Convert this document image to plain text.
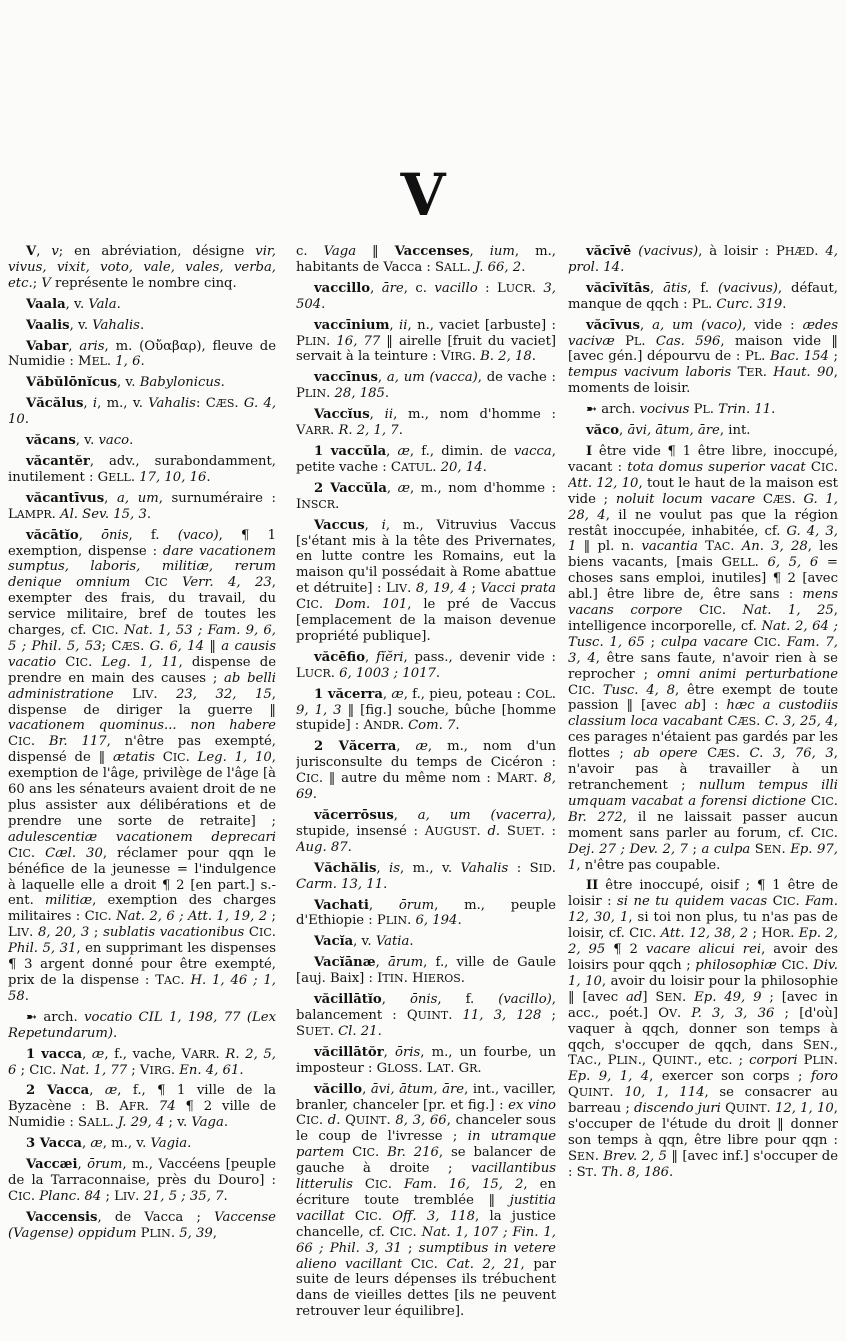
V

V, v; en abréviation, désigne vir, vivus, vixit, voto, vale, vales, verba, etc.; V représente le nombre cinq.

Vaala, v. Vala.

Vaalis, v. Vahalis.

Vabar, aris, m. (Οὔαβαρ), fleuve de Numidie : MEL. 1, 6.

Văbŭlōnĭcus, v. Babylonicus.

Văcălus, i, m., v. Vahalis: CÆS. G. 4, 10.

văcans, v. vaco.

văcantĕr, adv., surabondamment, inutilement : GELL. 17, 10, 16.

văcantīvus, a, um, surnuméraire : LAMPR. Al. Sev. 15, 3.

văcātĭo, ōnis, f. (vaco), ¶ 1 exemption, dispense : dare vacationem sumptus, laboris, militiæ, rerum denique omnium CIC Verr. 4, 23, exempter des frais, du travail, du service militaire, bref de toutes les charges, cf. CIC. Nat. 1, 53 ; Fam. 9, 6, 5 ; Phil. 5, 53; CÆS. G. 6, 14 ‖ a causis vacatio CIC. Leg. 1, 11, dispense de prendre en main des causes ; ab belli administratione LIV. 23, 32, 15, dispense de diriger la guerre ‖ vacationem quominus... non habere CIC. Br. 117, n'être pas exempté, dispensé de ‖ ætatis CIC. Leg. 1, 10, exemption de l'âge, privilège de l'âge [à 60 ans les sénateurs avaient droit de ne plus assister aux délibérations et de prendre une sorte de retraite] ; adulescentiæ vacationem deprecari CIC. Cæl. 30, réclamer pour qqn le bénéfice de la jeunesse = l'indulgence à laquelle elle a droit ¶ 2 [en part.] s.-ent. militiæ, exemption des charges militaires : CIC. Nat. 2, 6 ; Att. 1, 19, 2 ; LIV. 8, 20, 3 ; sublatis vacationibus CIC. Phil. 5, 31, en supprimant les dispenses ¶ 3 argent donné pour être exempté, prix de la dispense : TAC. H. 1, 46 ; 1, 58.

➼ arch. vocatio CIL 1, 198, 77 (Lex Repetundarum).

1 vacca, æ, f., vache, VARR. R. 2, 5, 6 ; CIC. Nat. 1, 77 ; VIRG. En. 4, 61.

2 Vacca, æ, f., ¶ 1 ville de la Byzacène : B. AFR. 74 ¶ 2 ville de Numidie : SALL. J. 29, 4 ; v. Vaga.

3 Vacca, æ, m., v. Vagia.

Vaccæi, ōrum, m., Vaccéens [peuple de la Tarraconnaise, près du Douro] : CIC. Planc. 84 ; LIV. 21, 5 ; 35, 7.

Vaccensis, de Vacca ; Vaccense (Vagense) oppidum PLIN. 5, 39,

c. Vaga ‖ Vaccenses, ium, m., habitants de Vacca : SALL. J. 66, 2.

vaccillo, āre, c. vacillo : LUCR. 3, 504.

vaccīnium, ii, n., vaciet [arbuste] : PLIN. 16, 77 ‖ airelle [fruit du vaciet] servait à la teinture : VIRG. B. 2, 18.

vaccīnus, a, um (vacca), de vache : PLIN. 28, 185.

Vaccĭus, ii, m., nom d'homme : VARR. R. 2, 1, 7.

1 vaccŭla, æ, f., dimin. de vacca, petite vache : CATUL. 20, 14.

2 Vaccŭla, æ, m., nom d'homme : INSCR.

Vaccus, i, m., Vitruvius Vaccus [s'étant mis à la tête des Privernates, en lutte contre les Romains, eut la maison qu'il possédait à Rome abattue et détruite] : LIV. 8, 19, 4 ; Vacci prata CIC. Dom. 101, le pré de Vaccus [emplacement de la maison devenue propriété publique].

văcēfio, fĭĕri, pass., devenir vide : LUCR. 6, 1003 ; 1017.

1 văcerra, æ, f., pieu, poteau : COL. 9, 1, 3 ‖ [fig.] souche, bûche [homme stupide] : ANDR. Com. 7.

2 Văcerra, æ, m., nom d'un jurisconsulte du temps de Cicéron : CIC. ‖ autre du même nom : MART. 8, 69.

văcerrōsus, a, um (vacerra), stupide, insensé : AUGUST. d. SUET. : Aug. 87.

Văchălis, is, m., v. Vahalis : SID. Carm. 13, 11.

Vachati, ōrum, m., peuple d'Ethiopie : PLIN. 6, 194.

Vacĭa, v. Vatia.

Vacĭānæ, ārum, f., ville de Gaule [auj. Baix] : ITIN. HIEROS.

văcillātĭo, ōnis, f. (vacillo), balancement : QUINT. 11, 3, 128 ; SUET. Cl. 21.

văcillātŏr, ōris, m., un fourbe, un imposteur : GLOSS. LAT. GR.

văcillo, āvi, ātum, āre, int., vaciller, branler, chanceler [pr. et fig.] : ex vino CIC. d. QUINT. 8, 3, 66, chanceler sous le coup de l'ivresse ; in utramque partem CIC. Br. 216, se balancer de gauche à droite ; vacillantibus litterulis CIC. Fam. 16, 15, 2, en écriture toute tremblée ‖ justitia vacillat CIC. Off. 3, 118, la justice chancelle, cf. CIC. Nat. 1, 107 ; Fin. 1, 66 ; Phil. 3, 31 ; sumptibus in vetere alieno vacillant CIC. Cat. 2, 21, par suite de leurs dépenses ils trébuchent dans de vieilles dettes [ils ne peuvent retrouver leur équilibre].

văcīvē (vacivus), à loisir : PHÆD. 4, prol. 14.

văcīvĭtās, ātis, f. (vacivus), défaut, manque de qqch : PL. Curc. 319.

văcīvus, a, um (vaco), vide : ædes vacivæ PL. Cas. 596, maison vide ‖ [avec gén.] dépourvu de : PL. Bac. 154 ; tempus vacivum laboris TER. Haut. 90, moments de loisir.

➼ arch. vocivus PL. Trin. 11.

văco, āvi, ātum, āre, int.

I être vide ¶ 1 être libre, inoccupé, vacant : tota domus superior vacat CIC. Att. 12, 10, tout le haut de la maison est vide ; noluit locum vacare CÆS. G. 1, 28, 4, il ne voulut pas que la région restât inoccupée, inhabitée, cf. G. 4, 3, 1 ‖ pl. n. vacantia TAC. An. 3, 28, les biens vacants, [mais GELL. 6, 5, 6 = choses sans emploi, inutiles] ¶ 2 [avec abl.] être libre de, être sans : mens vacans corpore CIC. Nat. 1, 25, intelligence incorporelle, cf. Nat. 2, 64 ; Tusc. 1, 65 ; culpa vacare CIC. Fam. 7, 3, 4, être sans faute, n'avoir rien à se reprocher ; omni animi perturbatione CIC. Tusc. 4, 8, être exempt de toute passion ‖ [avec ab] : hæc a custodiis classium loca vacabant CÆS. C. 3, 25, 4, ces parages n'étaient pas gardés par les flottes ; ab opere CÆS. C. 3, 76, 3, n'avoir pas à travailler à un retranchement ; nullum tempus illi umquam vacabat a forensi dictione CIC. Br. 272, il ne laissait passer aucun moment sans parler au forum, cf. CIC. Dej. 27 ; Dev. 2, 7 ; a culpa SEN. Ep. 97, 1, n'être pas coupable.

II être inoccupé, oisif ; ¶ 1 être de loisir : si ne tu quidem vacas CIC. Fam. 12, 30, 1, si toi non plus, tu n'as pas de loisir, cf. CIC. Att. 12, 38, 2 ; HOR. Ep. 2, 2, 95 ¶ 2 vacare alicui rei, avoir des loisirs pour qqch ; philosophiæ CIC. Div. 1, 10, avoir du loisir pour la philosophie ‖ [avec ad] SEN. Ep. 49, 9 ; [avec in acc., poét.] OV. P. 3, 3, 36 ; [d'où] vaquer à qqch, donner son temps à qqch, s'occuper de qqch, dans SEN., TAC., PLIN., QUINT., etc. ; corpori PLIN. Ep. 9, 1, 4, exercer son corps ; foro QUINT. 10, 1, 114, se consacrer au barreau ; discendo juri QUINT. 12, 1, 10, s'occuper de l'étude du droit ‖ donner son temps à qqn, être libre pour qqn : SEN. Brev. 2, 5 ‖ [avec inf.] s'occuper de : ST. Th. 8, 186.
